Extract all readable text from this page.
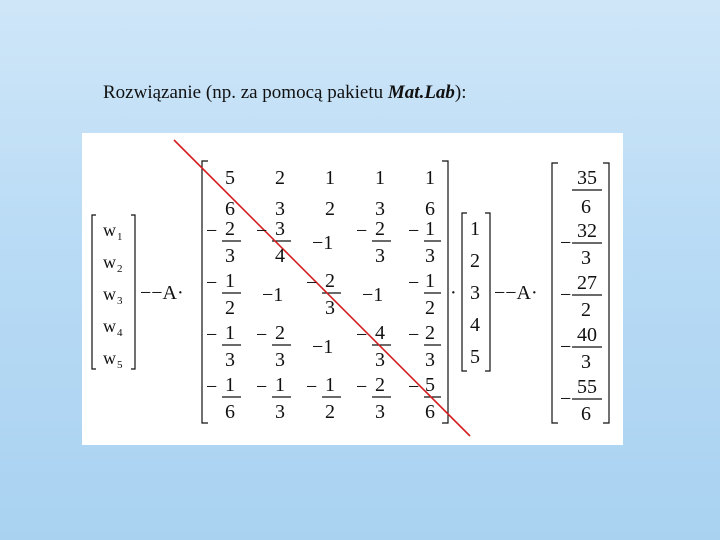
Rozwiązanie (np. za pomocą pakietu Mat.Lab):
$w_1$
$w_2$
$w_3$
$w_4$
$w_5$
−−A·
5 2 1 1 1
6 3 2 3 6
− 2
3
− 3
4
−1
− 2
3
− 1
3
− 1
2
−1
− 2
3
−1
− 1
2
− 1
3
− 2
3
−1
− 4
3
− 2
3
− 1
6
− 1
3
− 1
2
− 2
3
− 5
6
·
1
2
3
4
5
−−A·
35
6
−
32
3
−
27
2
−
40
3
−
55
6
